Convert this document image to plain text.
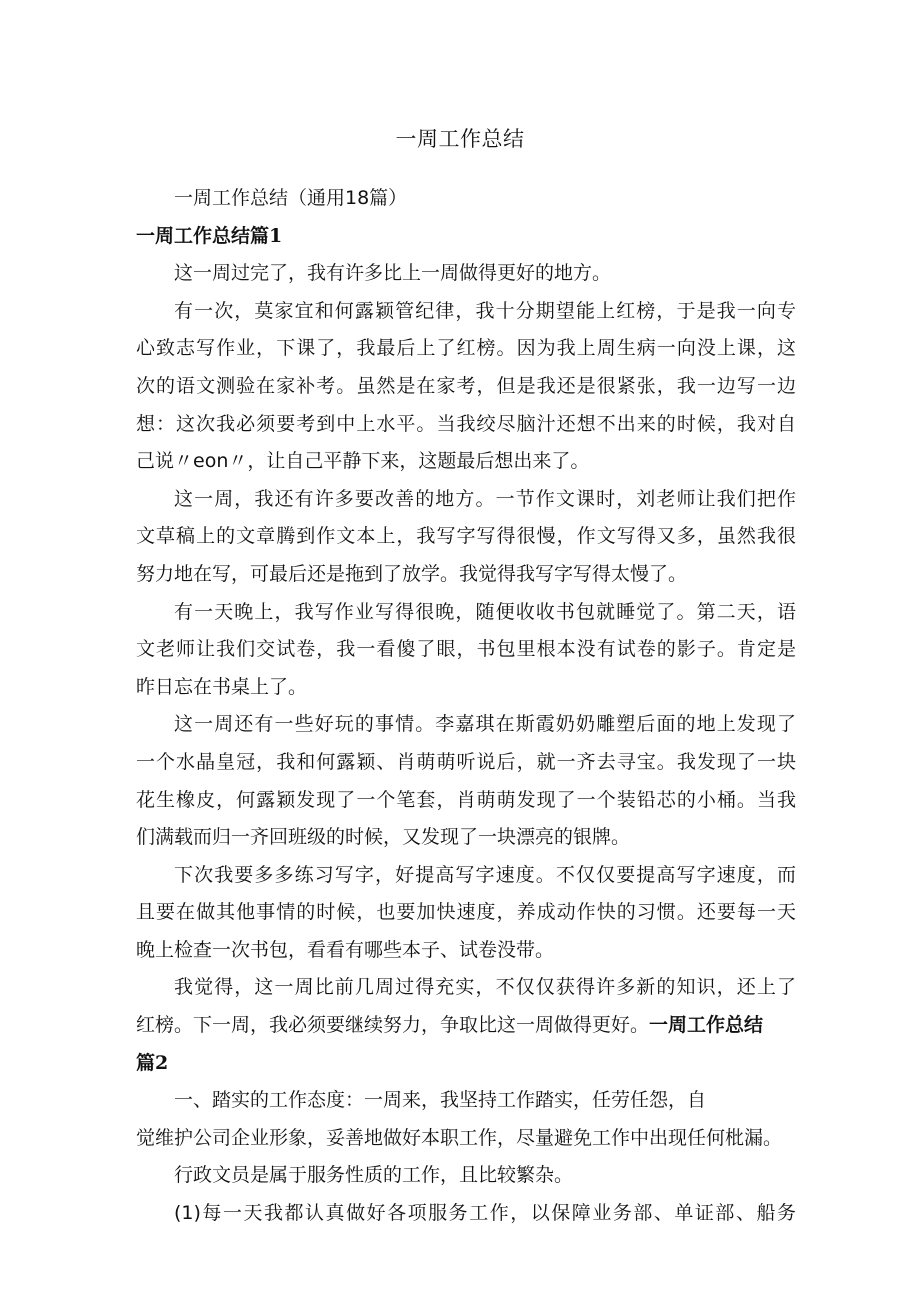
一周工作总结
一周工作总结（通用18篇）
一周工作总结篇1
这一周过完了，我有许多比上一周做得更好的地方。
有一次，莫家宜和何露颖管纪律，我十分期望能上红榜，于是我一向专
心致志写作业，下课了，我最后上了红榜。因为我上周生病一向没上课，这
次的语文测验在家补考。虽然是在家考，但是我还是很紧张，我一边写一边
想：这次我必须要考到中上水平。当我绞尽脑汁还想不出来的时候，我对自
己说〃eon〃，让自己平静下来，这题最后想出来了。
这一周，我还有许多要改善的地方。一节作文课时，刘老师让我们把作
文草稿上的文章腾到作文本上，我写字写得很慢，作文写得又多，虽然我很
努力地在写，可最后还是拖到了放学。我觉得我写字写得太慢了。
有一天晚上，我写作业写得很晚，随便收收书包就睡觉了。第二天，语
文老师让我们交试卷，我一看傻了眼，书包里根本没有试卷的影子。肯定是
昨日忘在书桌上了。
这一周还有一些好玩的事情。李嘉琪在斯霞奶奶雕塑后面的地上发现了
一个水晶皇冠，我和何露颖、肖萌萌听说后，就一齐去寻宝。我发现了一块
花生橡皮，何露颖发现了一个笔套，肖萌萌发现了一个装铅芯的小桶。当我
们满载而归一齐回班级的时候，又发现了一块漂亮的银牌。
下次我要多多练习写字，好提高写字速度。不仅仅要提高写字速度，而
且要在做其他事情的时候，也要加快速度，养成动作快的习惯。还要每一天
晚上检查一次书包，看看有哪些本子、试卷没带。
我觉得，这一周比前几周过得充实，不仅仅获得许多新的知识，还上了
红榜。下一周，我必须要继续努力，争取比这一周做得更好。一周工作总结
篇2
一、踏实的工作态度：一周来，我坚持工作踏实，任劳任怨，自
觉维护公司企业形象，妥善地做好本职工作，尽量避免工作中出现任何枇漏。
行政文员是属于服务性质的工作，且比较繁杂。
(1)每一天我都认真做好各项服务工作，以保障业务部、单证部、船务
